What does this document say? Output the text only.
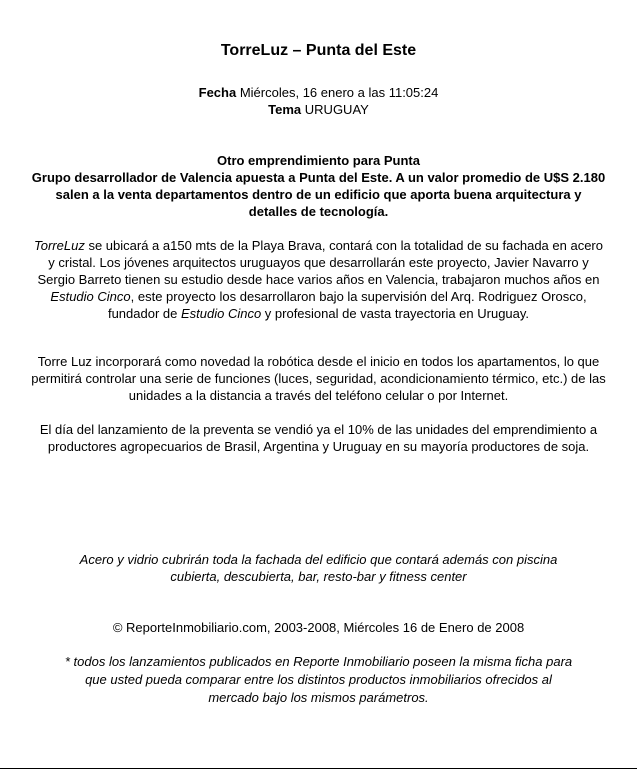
TorreLuz – Punta del Este
Fecha Miércoles, 16 enero a las 11:05:24
Tema URUGUAY
Otro emprendimiento para Punta
Grupo desarrollador de Valencia apuesta a Punta del Este. A un valor promedio de U$S 2.180 salen a la venta departamentos dentro de un edificio que aporta buena arquitectura y detalles de tecnología.
TorreLuz se ubicará a a150 mts de la Playa Brava, contará con la totalidad de su fachada en acero y cristal. Los jóvenes arquitectos uruguayos que desarrollarán este proyecto, Javier Navarro y Sergio Barreto tienen su estudio desde hace varios años en Valencia, trabajaron muchos años en Estudio Cinco, este proyecto los desarrollaron bajo la supervisión del Arq. Rodriguez Orosco, fundador de Estudio Cinco y profesional de vasta trayectoria en Uruguay.
Torre Luz incorporará como novedad la robótica desde el inicio en todos los apartamentos, lo que permitirá controlar una serie de funciones (luces, seguridad, acondicionamiento térmico, etc.) de las unidades a la distancia a través del teléfono celular o por Internet.
El día del lanzamiento de la preventa se vendió ya el 10% de las unidades del emprendimiento a productores agropecuarios de Brasil, Argentina y Uruguay en su mayoría productores de soja.
Acero y vidrio cubrirán toda la fachada del edificio que contará además con piscina cubierta, descubierta, bar, resto-bar y fitness center
© ReporteInmobiliario.com, 2003-2008, Miércoles 16 de Enero de 2008
* todos los lanzamientos publicados en Reporte Inmobiliario poseen la misma ficha para que usted pueda comparar entre los distintos productos inmobiliarios ofrecidos al mercado bajo los mismos parámetros.
